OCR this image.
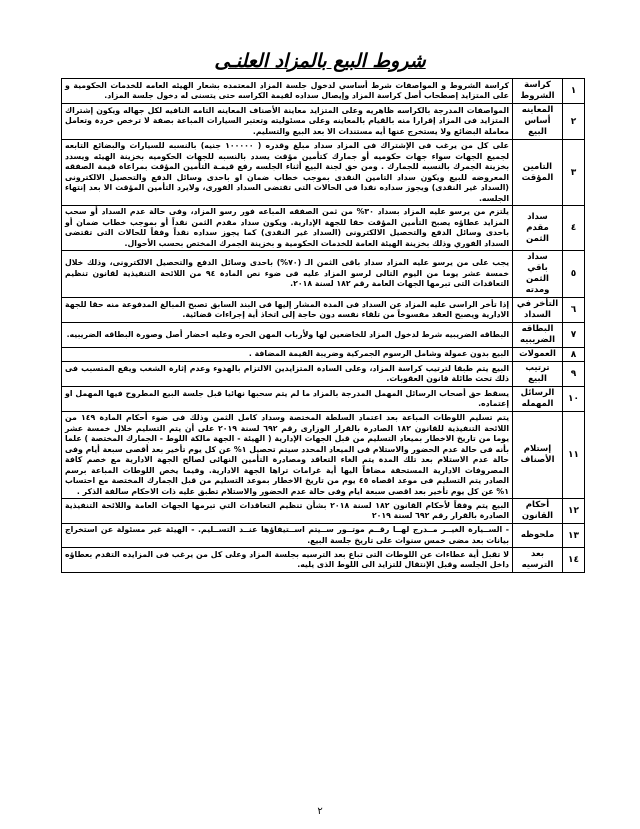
شروط البيع بالمزاد العلنـى
١	كراسة الشروط	كراسة الشروط و المواصفات شرط أساسي لدخول جلسة المزاد المعتمده بشعار الهيئه العامه للخدمات الحكومية و على المتزايد إصطحاب أصل كراسة المزاد وإيصال سداده لقيمة الكراسه حتى يتسنى له دخول جلسة المزاد.
٢	المعاينه أساس البيع	المواصفات المدرجة بالكراسه ظاهريه وعلى المتزايد معاينة الأصناف المعاينه التامه النافيه لكل جهاله ويكون إشتراك المتزايد فى المزاد إقرارا منه بالقيام بالمعاينه وعلى مسئوليته وتعتبر السيارات المباعة بصفة لا ترخص خردة وتعامل معاملة البضائع ولا يستخرج عنها أيه مستندات الا بعد البيع والتسليم.
٣	التامين المؤقت	على كل من يرغب فى الإشتراك فى المزاد سداد مبلغ وقدره ( ١٠٠٠٠٠ جنيه) بالنسبه للسيارات والبضائع التابعه لجميع الجهات سواء جهات حكوميه أو جمارك كتأمين مؤقت يسدد بالنسبه للجهات الحكوميه بخزينة الهيئه ويسدد بخزينة الجمرك بالنسبه للجمارك . ومن حق لجنة البيع أثناء الجلسه رفع قيمـة التأمين المؤقت بمراعاة قيمة الصفقه المعروضه للبيع ويكون سداد التامين النقدى بموجب خطاب ضمان او باحدى وسائل الدفع والتحصيل الالكترونى (السداد غير النقدى) ويجوز سداده نقدا فى الحالات التى تقتضى السداد الفورى، ولايرد التأمين المؤقت الا بعد إنتهاء الجلسه.
٤	سداد مقدم الثمن	يلتزم من يرسو عليه المزاد بسداد ٣٠% من ثمن الصفقه المباعه فور رسو المزاد، وفى حالة عدم السداد أو سحب المزايد عطاؤه يصبح التأمين المؤقت حقا للجهة الإدارية. ويكون سداد مقدم الثمن نقداً أو بموجب خطاب ضمان أو باحدى وسائل الدفع والتحصيل الالكترونى (السداد غير النقدى) كما يجوز سداده نقداً وفقاً للحالات التى تقتضى السداد الفوري وذلك بخزينة الهيئة العامة للخدمات الحكومية و بخزينة الجمرك المختص بحسب الأحوال.
٥	سداد باقي الثمن ومدته	يجب على من يرسو عليه المزاد سداد باقى الثمن الـ (٧٠%) باحدى وسائل الدفع والتحصيل الالكترونى، وذلك خلال خمسة عشر يوما من اليوم التالى لرسو المزاد عليه فى ضوء نص المادة ٩٤ من اللائحة التنفيذية لقانون تنظيم التعاقدات التى تبرمها الجهات العامة رقم ١٨٢ لسنة ٢٠١٨.
٦	التأخر في السداد	إذا تأخر الراسى عليه المزاد عن السداد فى المدة المشار إليها فى البند السابق تصبح المبالغ المدفوعة منه حقا للجهة الادارية ويصبح العقد مفسوخاً من تلقاء نفسه دون حاجة إلى اتخاذ أية إجراءات قضائية.
٧	البطاقه الضريبيه	البطاقه الضريبيه شرط لدخول المزاد للخاضعين لها ولأرباب المهن الحره وعليه احضار أصل وصورة البطاقه الضريبيه.
٨	العمولات	البيع بدون عمولة وشامل الرسوم الجمركية وضريبة القيمة المضافة .
٩	ترتيب البيع	البيع يتم طبقا لترتيب كراسة المزاد، وعلى السادة المتزايدين الالتزام بالهدوء وعدم إثارة الشغب ويقع المتسبب فى ذلك تحت طائلة قانون العقوبات.
١٠	الرسائل المهمله	يسقط حق أصحاب الرسائل المهمل المدرجة بالمزاد ما لم يتم سحبها نهائيا قبل جلسة البيع المطروح فيها المهمل او إعتماده.
١١	إستلام الأصناف	يتم تسليم اللوطات المباعة بعد اعتماد السلطة المختصة وسداد كامل الثمن وذلك فى ضوء أحكام المادة ١٤٩ من اللائحة التنفيذية للقانون ١٨٢ الصادرة بالقرار الوزارى رقم ٦٩٢ لسنة ٢٠١٩ على أن يتم التسليم خلال خمسة عشر يوما من تاريخ الاخطار بميعاد التسليم من قبل الجهات الإدارية ( الهيئة - الجهة مالكة اللوط - الجمارك المختصة ) علما بأنه فى حالة عدم الحضور والاستلام فى الميعاد المحدد سيتم تحصيل ١% عن كل يوم تأخير بعد أقصى سبعة أيام وفى حالة عدم الاستلام بعد تلك المدة يتم الغاء التعاقد ومصادرة التأمين النهائى لصالح الجهة الادارية مع خصم كافة المصروفات الادارية المستحقة مضافاً اليها أية غرامات تراها الجهة الادارية. وفيما يخص اللوطات المباعة برسم الصادر يتم التسليم فى موعد اقصاه ٤٥ يوم من تاريخ الاخطار بموعد التسليم من قبل الجمارك المختصة مع احتساب ١% عن كل يوم تأخير بعد اقصى سبعة ايام وفى حالة عدم الحضور والاستلام تطبق عليه ذات الاحكام سالفة الذكر .
١٢	أحكام القانون	البيع يتم وفقاً لأحكام القانون ١٨٢ لسنة ٢٠١٨ بشأن تنظيم التعاقدات التي تبرمها الجهات العامة واللائحة التنفيذية الصادرة بالقرار رقم ٦٩٢ لسنة ٢٠١٩
١٣	ملحوظه	- الســيارة الغيــر مــدرج لهــا رقــم موتــور ســيتم اســتيفاؤها عنــد التســليم. - الهيئة غير مسئولة عن استخراج بيانات بعد مضى خمس سنوات على تاريخ جلسة البيع.
١٤	بعد الترسيه	لا تقبل أية عطاءات عن اللوطات التى تباع بعد الترسيه بجلسة المزاد وعلى كل من يرغب فى المزايده التقدم بعطاؤه داخل الجلسه وقبل الإنتقال للتزايد الى اللوط الذى يليه.
٢
